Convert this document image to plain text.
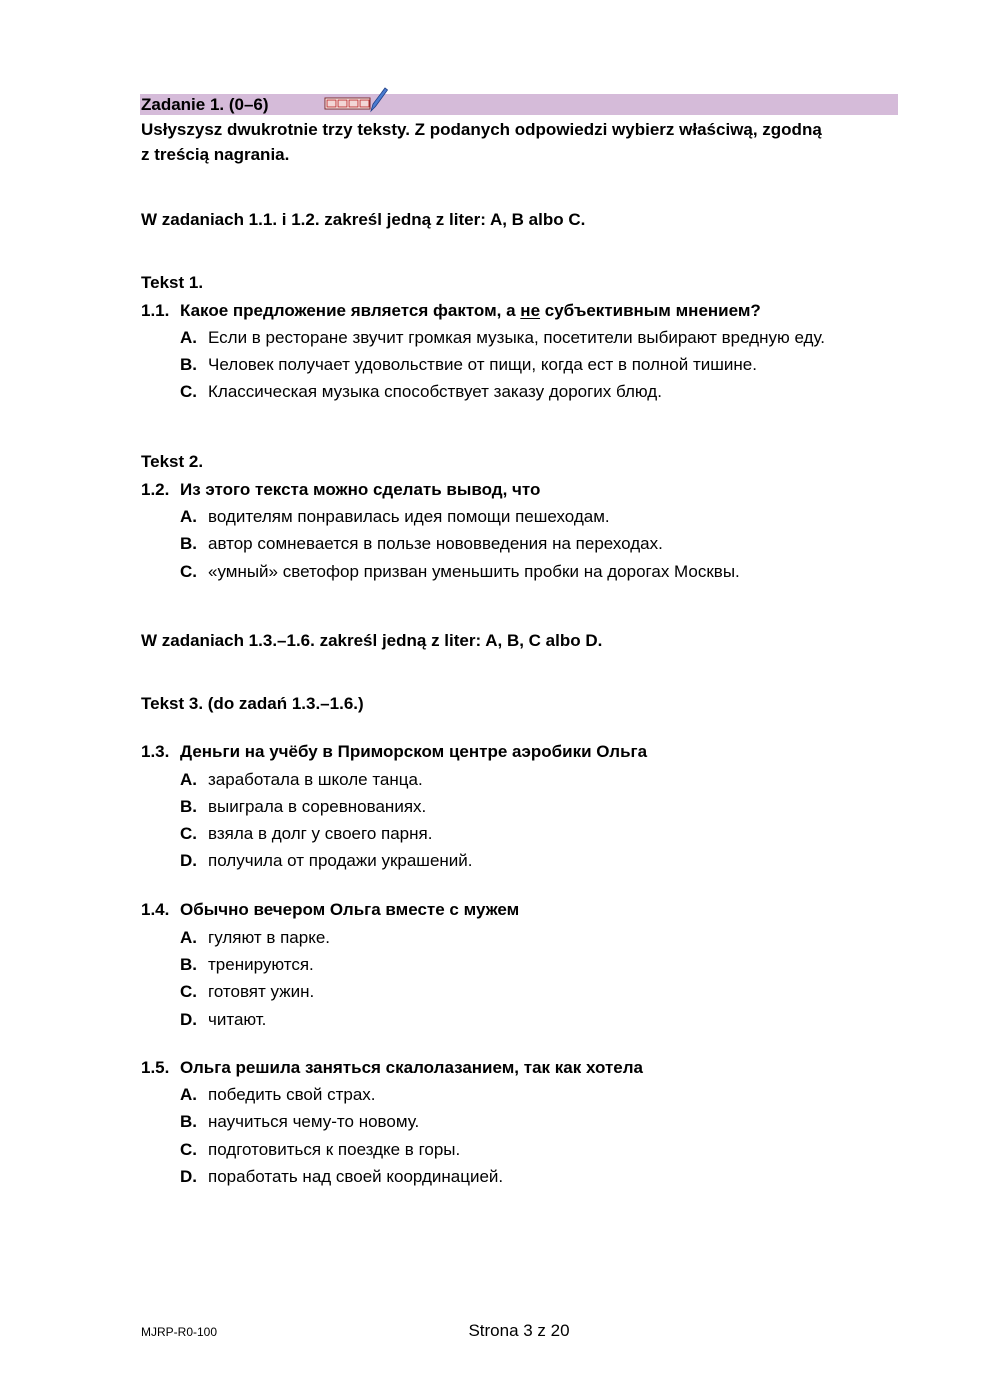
Zadanie 1. (0–6)
Usłyszysz dwukrotnie trzy teksty. Z podanych odpowiedzi wybierz właściwą, zgodną
z treścią nagrania.
W zadaniach 1.1. i 1.2. zakreśl jedną z liter: A, B albo C.
Tekst 1.
1.1. Какое предложение является фактом, а не субъективным мнением?
A. Если в ресторане звучит громкая музыка, посетители выбирают вредную еду.
B. Человек получает удовольствие от пищи, когда ест в полной тишине.
C. Классическая музыка способствует заказу дорогих блюд.
Tekst 2.
1.2. Из этого текста можно сделать вывод, что
A. водителям понравилась идея помощи пешеходам.
B. автор сомневается в пользе нововведения на переходах.
C. «умный» светофор призван уменьшить пробки на дорогах Москвы.
W zadaniach 1.3.–1.6. zakreśl jedną z liter: A, B, C albo D.
Tekst 3. (do zadań 1.3.–1.6.)
1.3. Деньги на учёбу в Приморском центре аэробики Ольга
A. заработала в школе танца.
B. выиграла в соревнованиях.
C. взяла в долг у своего парня.
D. получила от продажи украшений.
1.4. Обычно вечером Ольга вместе с мужем
A. гуляют в парке.
B. тренируются.
C. готовят ужин.
D. читают.
1.5. Ольга решила заняться скалолазанием, так как хотела
A. победить свой страх.
B. научиться чему-то новому.
C. подготовиться к поездке в горы.
D. поработать над своей координацией.
MJRP-R0-100	Strona 3 z 20
